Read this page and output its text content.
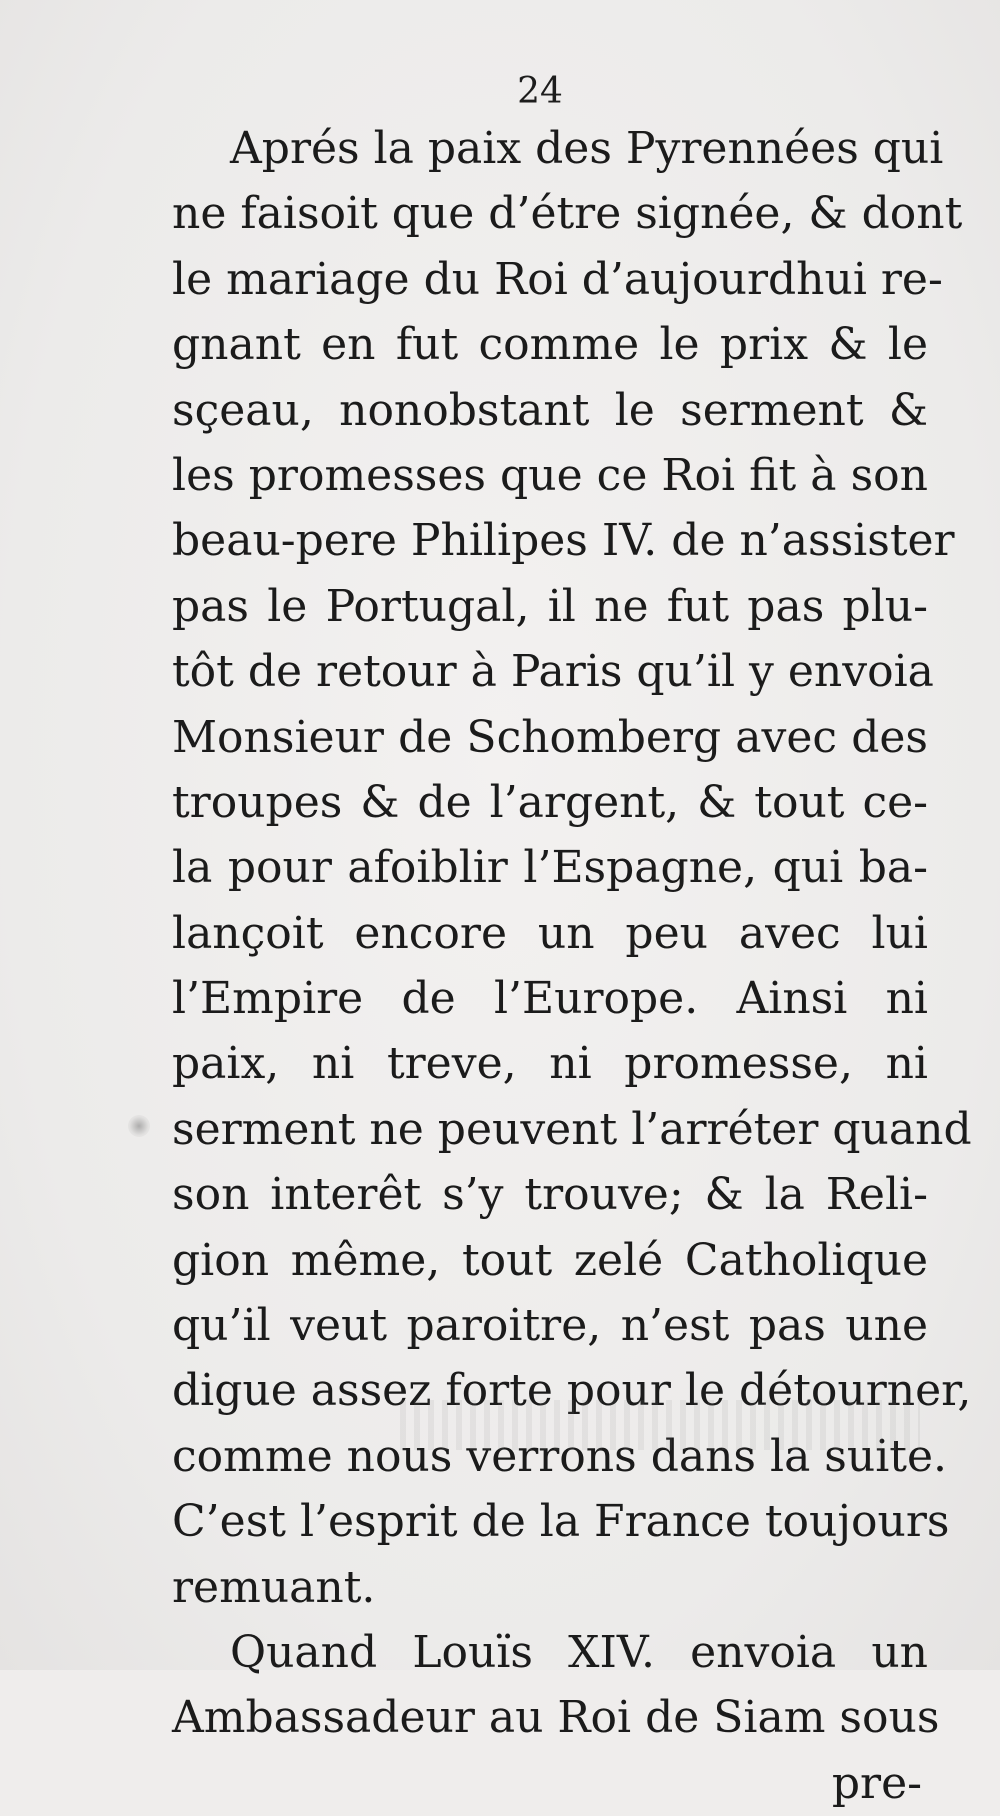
24
Aprés la paix des Pyrennées qui
ne faisoit que d’étre signée, & dont
le mariage du Roi d’aujourdhui re-
gnant en fut comme le prix & le
sçeau, nonobstant le serment &
les promesses que ce Roi fit à son
beau-pere Philipes IV. de n’assister
pas le Portugal, il ne fut pas plu-
tôt de retour à Paris qu’il y envoia
Monsieur de Schomberg avec des
troupes & de l’argent, & tout ce-
la pour afoiblir l’Espagne, qui ba-
lançoit encore un peu avec lui
l’Empire de l’Europe. Ainsi ni
paix, ni treve, ni promesse, ni
serment ne peuvent l’arréter quand
son interêt s’y trouve; & la Reli-
gion même, tout zelé Catholique
qu’il veut paroitre, n’est pas une
digue assez forte pour le détourner,
comme nous verrons dans la suite.
C’est l’esprit de la France toujours
remuant.
Quand Louïs XIV. envoia un
Ambassadeur au Roi de Siam sous
pre-
